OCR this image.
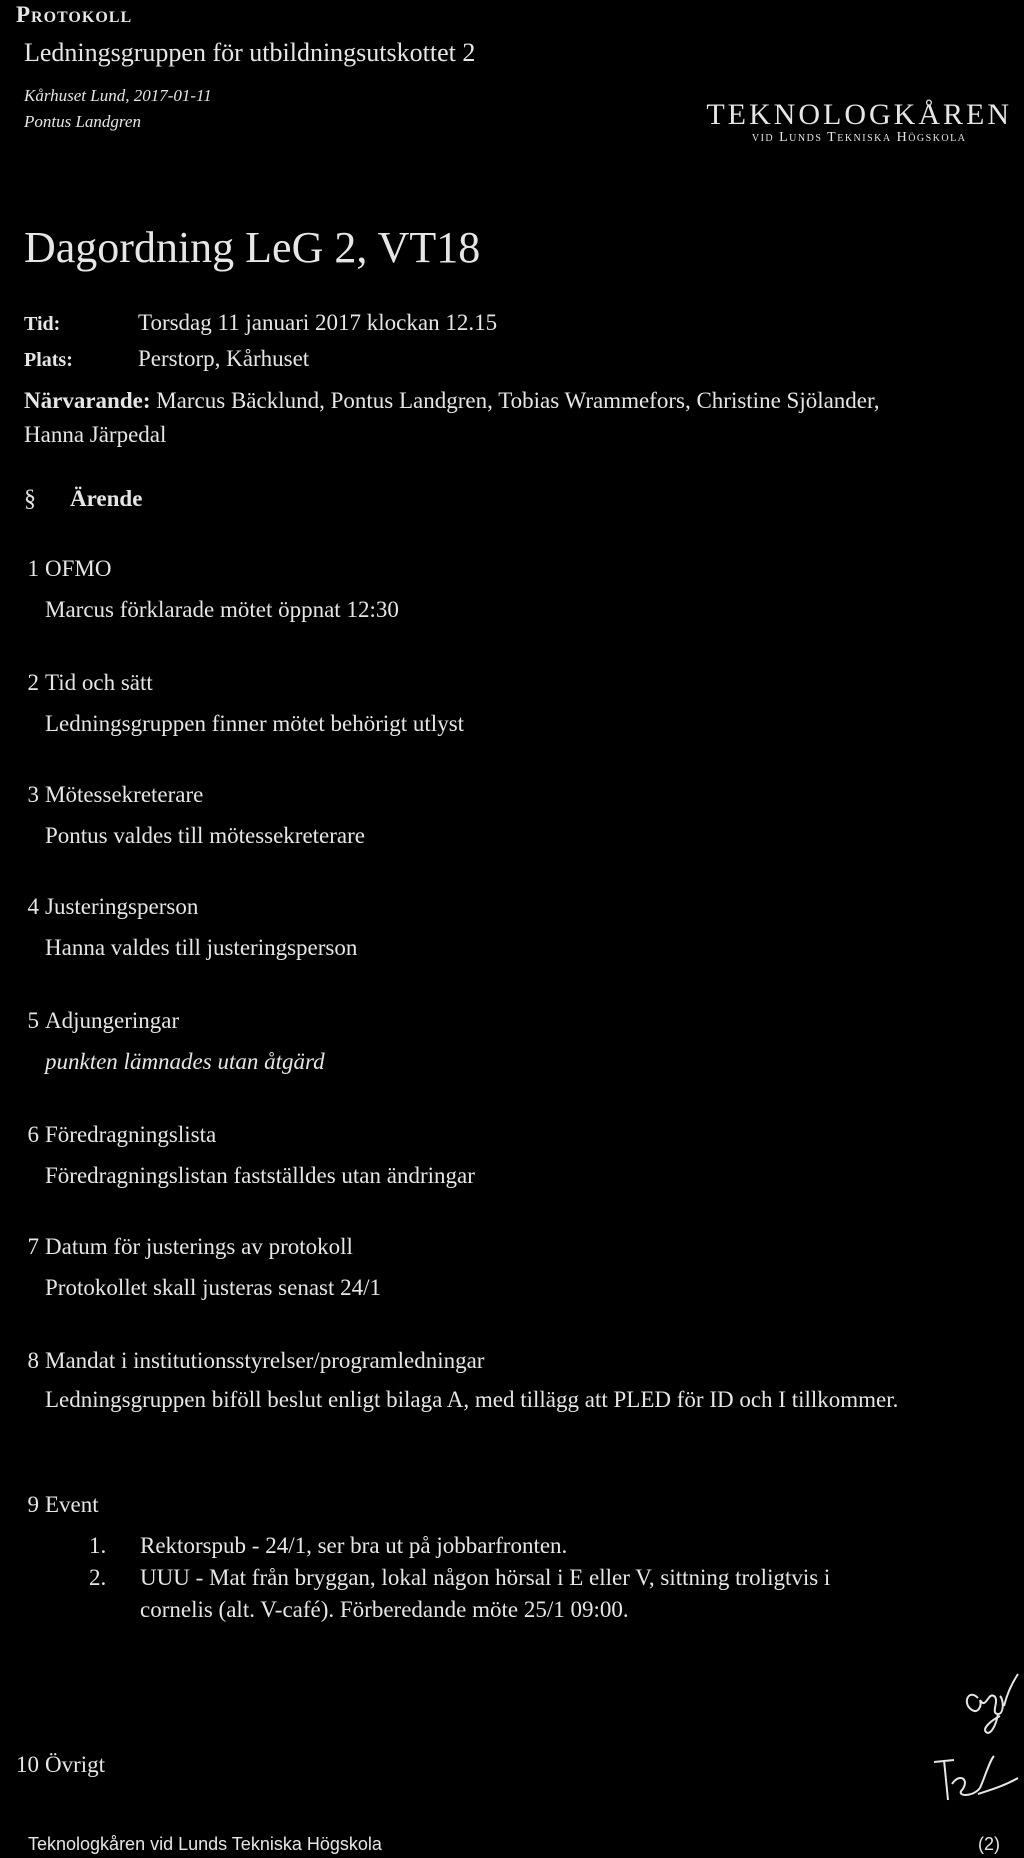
Protokoll
Ledningsgruppen för utbildningsutskottet 2
Kårhuset Lund, 2017-01-11
Pontus Landgren	TEKNOLOGKÅREN
vid Lunds Tekniska Högskola
Dagordning LeG 2, VT18
Tid:	Torsdag 11 januari 2017 klockan 12.15
Plats:	Perstorp, Kårhuset
Närvarande: Marcus Bäcklund, Pontus Landgren, Tobias Wrammefors, Christine Sjölander,
Hanna Järpedal
§ Ärende
1 OFMO
Marcus förklarade mötet öppnat 12:30
2 Tid och sätt
Ledningsgruppen finner mötet behörigt utlyst
3 Mötessekreterare
Pontus valdes till mötessekreterare
4 Justeringsperson
Hanna valdes till justeringsperson
5 Adjungeringar
punkten lämnades utan åtgärd
6 Föredragningslista
Föredragningslistan fastställdes utan ändringar
7 Datum för justerings av protokoll
Protokollet skall justeras senast 24/1
8 Mandat i institutionsstyrelser/programledningar
Ledningsgruppen biföll beslut enligt bilaga A, med tillägg att PLED för ID och I tillkommer.
9 Event
1. Rektorspub - 24/1, ser bra ut på jobbarfronten.
2. UUU - Mat från bryggan, lokal någon hörsal i E eller V, sittning troligtvis i cornelis (alt. V-café). Förberedande möte 25/1 09:00.
10 Övrigt
Teknologkåren vid Lunds Tekniska Högskola	(2)
